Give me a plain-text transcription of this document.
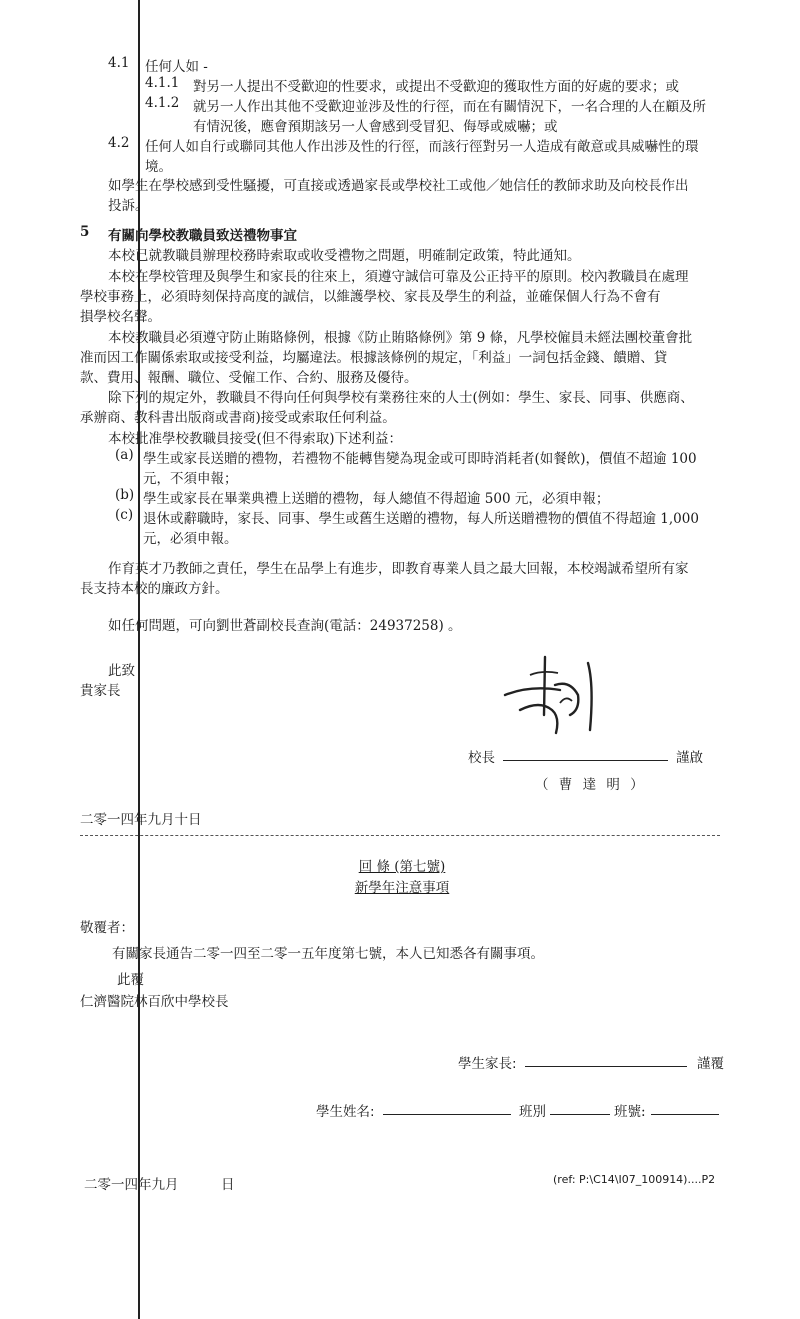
4.1 任何人如 -
4.1.1 對另一人提出不受歡迎的性要求，或提出不受歡迎的獲取性方面的好處的要求；或
4.1.2 就另一人作出其他不受歡迎並涉及性的行徑，而在有關情況下，一名合理的人在顧及所
有情況後，應會預期該另一人會感到受冒犯、侮辱或威嚇；或
4.2 任何人如自行或聯同其他人作出涉及性的行徑，而該行徑對另一人造成有敵意或具威嚇性的環
境。
如學生在學校感到受性騷擾，可直接或透過家長或學校社工或他／她信任的教師求助及向校長作出
投訴。
5 有關向學校教職員致送禮物事宜
本校已就教職員辦理校務時索取或收受禮物之問題，明確制定政策，特此通知。
本校在學校管理及與學生和家長的往來上，須遵守誠信可靠及公正持平的原則。校內教職員在處理
學校事務上，必須時刻保持高度的誠信，以維護學校、家長及學生的利益，並確保個人行為不會有
損學校名聲。
本校教職員必須遵守防止賄賂條例，根據《防止賄賂條例》第 9 條，凡學校僱員未經法團校董會批
准而因工作關係索取或接受利益，均屬違法。根據該條例的規定，「利益」一詞包括金錢、饋贈、貸
款、費用、報酬、職位、受僱工作、合約、服務及優待。
除下列的規定外，教職員不得向任何與學校有業務往來的人士(例如：學生、家長、同事、供應商、
承辦商、教科書出版商或書商)接受或索取任何利益。
本校批准學校教職員接受(但不得索取)下述利益：
(a) 學生或家長送贈的禮物，若禮物不能轉售變為現金或可即時消耗者(如餐飲)，價值不超逾 100
元，不須申報；
(b) 學生或家長在畢業典禮上送贈的禮物，每人總值不得超逾 500 元，必須申報；
(c) 退休或辭職時，家長、同事、學生或舊生送贈的禮物，每人所送贈禮物的價值不得超逾 1,000
元，必須申報。
作育英才乃教師之責任，學生在品學上有進步，即教育專業人員之最大回報，本校竭誠希望所有家
長支持本校的廉政方針。
如任何問題，可向劉世蒼副校長查詢(電話：24937258) 。
此致
貴家長
校長	謹啟
（ 曹 達 明 ）
二零一四年九月十日
回 條 (第七號)
新學年注意事項
敬覆者：
有關家長通告二零一四至二零一五年度第七號，本人已知悉各有關事項。
此覆
仁濟醫院林百欣中學校長
學生家長:	謹覆
學生姓名:	班別	班號:
二零一四年九月	日	(ref: P:\C14\I07_100914)....P2
